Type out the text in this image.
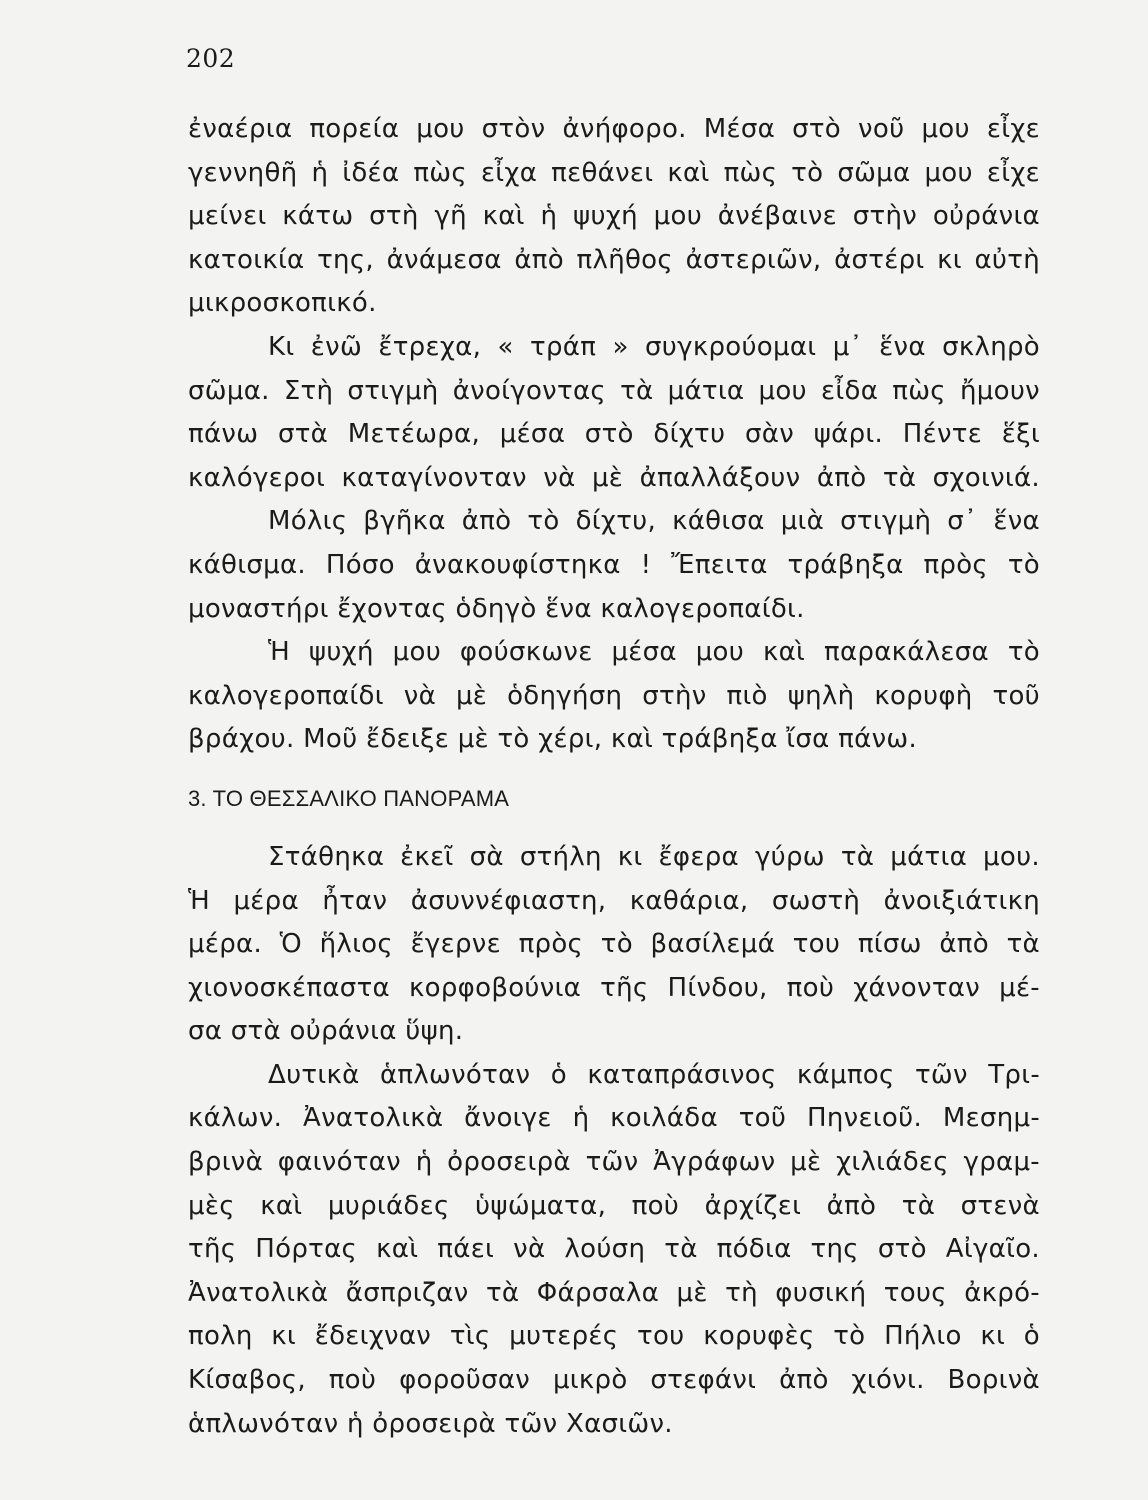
202
ἐναέρια πορεία μου στὸν ἀνήφορο. Μέσα στὸ νοῦ μου εἶχε
γεννηθῆ ἡ ἰδέα πὼς εἶχα πεθάνει καὶ πὼς τὸ σῶμα μου εἶχε
μείνει κάτω στὴ γῆ καὶ ἡ ψυχή μου ἀνέβαινε στὴν οὐράνια
κατοικία της, ἀνάμεσα ἀπὸ πλῆθος ἀστεριῶν, ἀστέρι κι αὐτὴ
μικροσκοπικό.
Κι ἐνῶ ἔτρεχα, « τράπ » συγκρούομαι μ᾽ ἕνα σκληρὸ
σῶμα. Στὴ στιγμὴ ἀνοίγοντας τὰ μάτια μου εἶδα πὼς ἤμουν
πάνω στὰ Μετέωρα, μέσα στὸ δίχτυ σὰν ψάρι. Πέντε ἕξι
καλόγεροι καταγίνονταν νὰ μὲ ἀπαλλάξουν ἀπὸ τὰ σχοινιά.
Μόλις βγῆκα ἀπὸ τὸ δίχτυ, κάθισα μιὰ στιγμὴ σ᾽ ἕνα
κάθισμα. Πόσο ἀνακουφίστηκα ! Ἔπειτα τράβηξα πρὸς τὸ
μοναστήρι ἔχοντας ὁδηγὸ ἕνα καλογεροπαίδι.
Ἡ ψυχή μου φούσκωνε μέσα μου καὶ παρακάλεσα τὸ
καλογεροπαίδι νὰ μὲ ὁδηγήση στὴν πιὸ ψηλὴ κορυφὴ τοῦ
βράχου. Μοῦ ἔδειξε μὲ τὸ χέρι, καὶ τράβηξα ἴσα πάνω.
3. ΤΟ ΘΕΣΣΑΛΙΚΟ ΠΑΝΟΡΑΜΑ
Στάθηκα ἐκεῖ σὰ στήλη κι ἔφερα γύρω τὰ μάτια μου.
Ἡ μέρα ἦταν ἀσυννέφιαστη, καθάρια, σωστὴ ἀνοιξιάτικη
μέρα. Ὁ ἥλιος ἔγερνε πρὸς τὸ βασίλεμά του πίσω ἀπὸ τὰ
χιονοσκέπαστα κορφοβούνια τῆς Πίνδου, ποὺ χάνονταν μέ-
σα στὰ οὐράνια ὕψη.
Δυτικὰ ἁπλωνόταν ὁ καταπράσινος κάμπος τῶν Τρι-
κάλων. Ἀνατολικὰ ἄνοιγε ἡ κοιλάδα τοῦ Πηνειοῦ. Μεσημ-
βρινὰ φαινόταν ἡ ὀροσειρὰ τῶν Ἀγράφων μὲ χιλιάδες γραμ-
μὲς καὶ μυριάδες ὑψώματα, ποὺ ἀρχίζει ἀπὸ τὰ στενὰ
τῆς Πόρτας καὶ πάει νὰ λούση τὰ πόδια της στὸ Αἰγαῖο.
Ἀνατολικὰ ἄσπριζαν τὰ Φάρσαλα μὲ τὴ φυσική τους ἀκρό-
πολη κι ἔδειχναν τὶς μυτερές του κορυφὲς τὸ Πήλιο κι ὁ
Κίσαβος, ποὺ φοροῦσαν μικρὸ στεφάνι ἀπὸ χιόνι. Βορινὰ
ἁπλωνόταν ἡ ὀροσειρὰ τῶν Χασιῶν.
